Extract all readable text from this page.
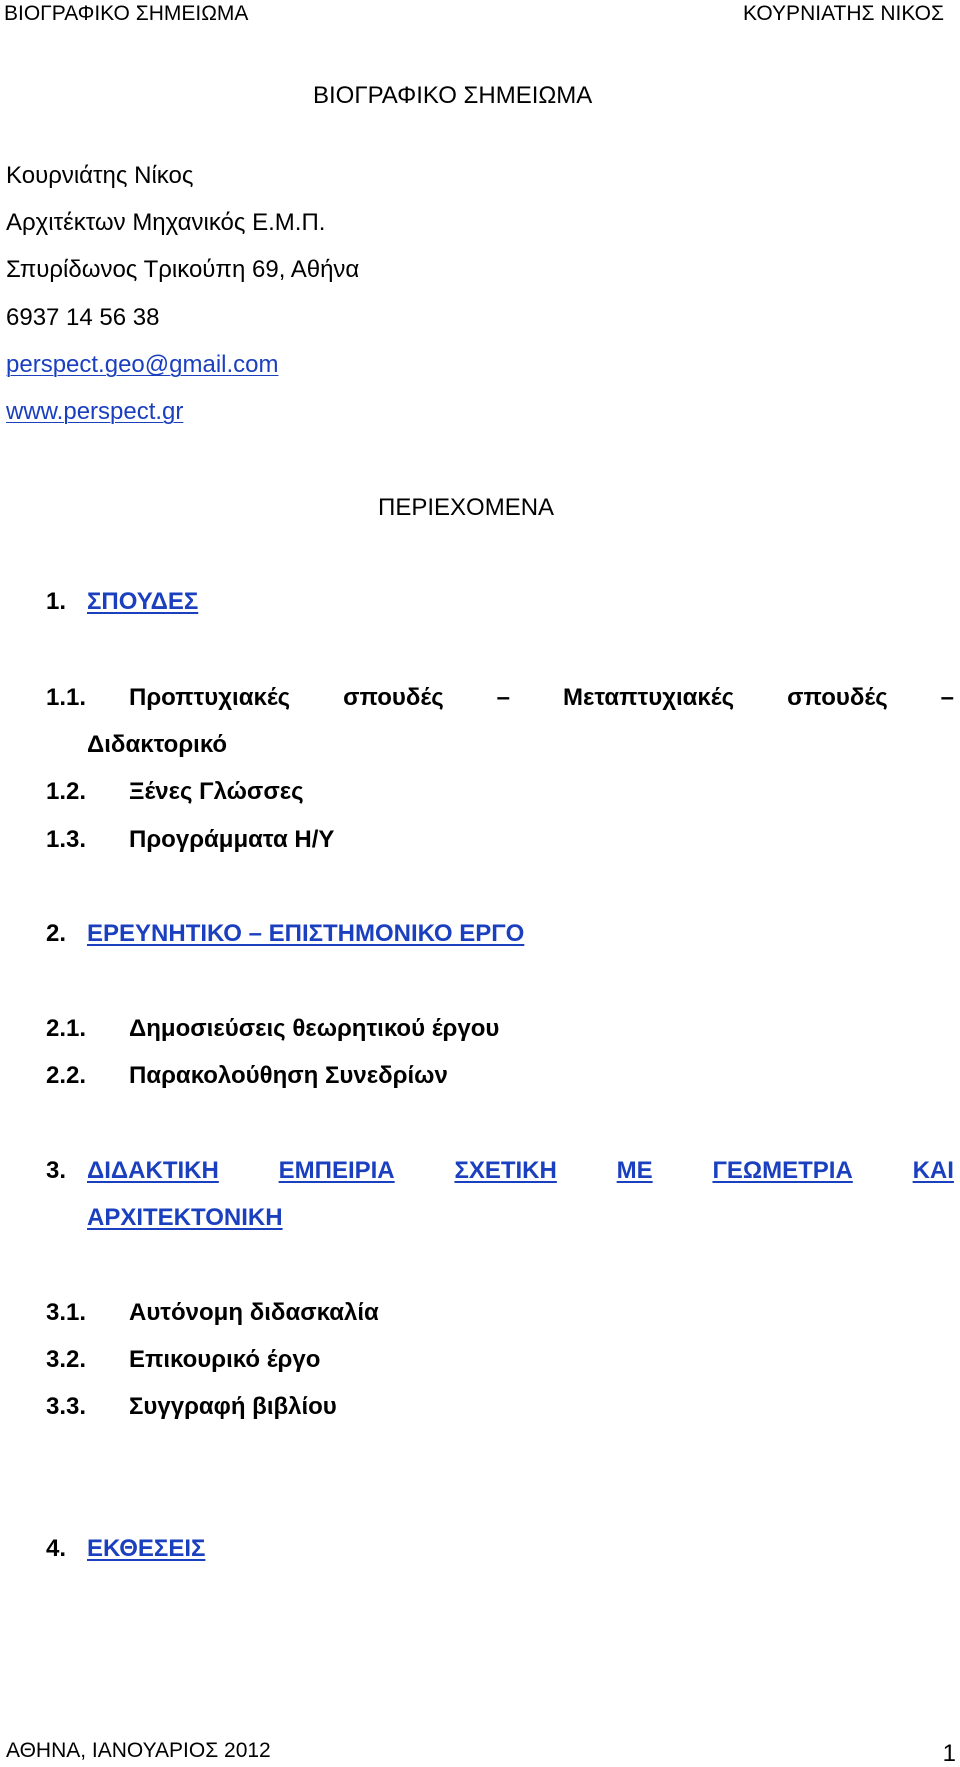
ΒΙΟΓΡΑΦΙΚΟ ΣΗΜΕΙΩΜΑ	ΚΟΥΡΝΙΑΤΗΣ ΝΙΚΟΣ
ΒΙΟΓΡΑΦΙΚΟ ΣΗΜΕΙΩΜΑ
Κουρνιάτης Νίκος
Αρχιτέκτων Μηχανικός Ε.Μ.Π.
Σπυρίδωνος Τρικούπη 69, Αθήνα
6937 14 56 38
perspect.geo@gmail.com
www.perspect.gr
ΠΕΡΙΕΧΟΜΕΝΑ
1. ΣΠΟΥΔΕΣ
1.1. Προπτυχιακές σπουδές – Μεταπτυχιακές σπουδές –
Διδακτορικό
1.2. Ξένες Γλώσσες
1.3. Προγράμματα Η/Υ
2. ΕΡΕΥΝΗΤΙΚΟ – ΕΠΙΣΤΗΜΟΝΙΚΟ ΕΡΓΟ
2.1. Δημοσιεύσεις θεωρητικού έργου
2.2. Παρακολούθηση Συνεδρίων
3. ΔΙΔΑΚΤΙΚΗ ΕΜΠΕΙΡΙΑ ΣΧΕΤΙΚΗ ΜΕ ΓΕΩΜΕΤΡΙΑ ΚΑΙ
ΑΡΧΙΤΕΚΤΟΝΙΚΗ
3.1. Αυτόνομη διδασκαλία
3.2. Επικουρικό έργο
3.3. Συγγραφή βιβλίου
4. ΕΚΘΕΣΕΙΣ
ΑΘΗΝΑ, ΙΑΝΟΥΑΡΙΟΣ 2012	1
